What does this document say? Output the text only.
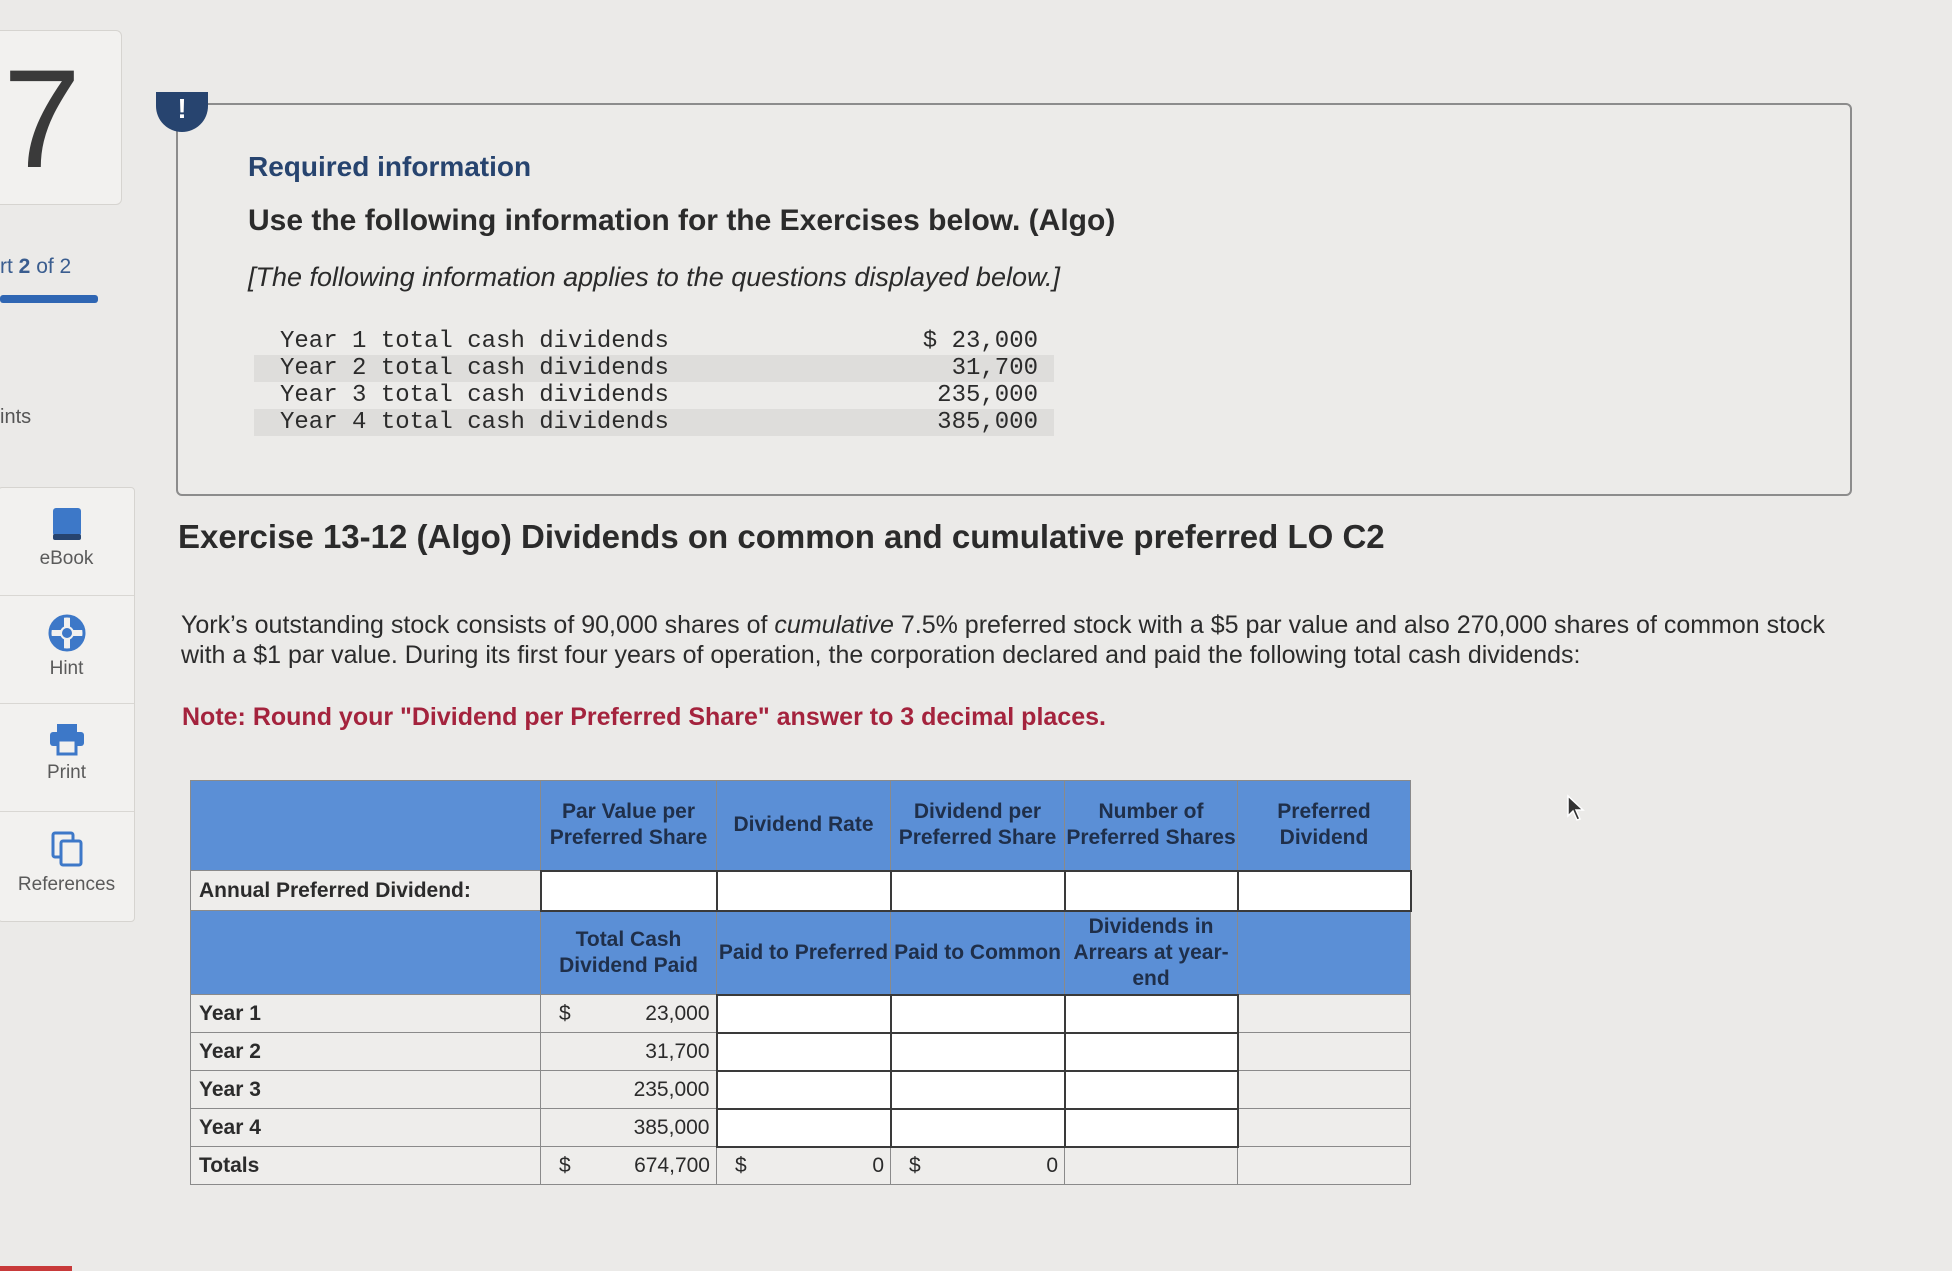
7
rt 2 of 2
ints
eBook
Hint
Print
References
!
Required information
Use the following information for the Exercises below. (Algo)
[The following information applies to the questions displayed below.]
Year 1 total cash dividends	$ 23,000
Year 2 total cash dividends	31,700
Year 3 total cash dividends	235,000
Year 4 total cash dividends	385,000
Exercise 13-12 (Algo) Dividends on common and cumulative preferred LO C2
York’s outstanding stock consists of 90,000 shares of cumulative 7.5% preferred stock with a $5 par value and also 270,000 shares of common stock with a $1 par value. During its first four years of operation, the corporation declared and paid the following total cash dividends:
Note: Round your "Dividend per Preferred Share" answer to 3 decimal places.
	Par Value per Preferred Share	Dividend Rate	Dividend per Preferred Share	Number of Preferred Shares	Preferred Dividend
Annual Preferred Dividend:					
	Total Cash Dividend Paid	Paid to Preferred	Paid to Common	Dividends in Arrears at year-end	
Year 1	$ 23,000				
Year 2	31,700				
Year 3	235,000				
Year 4	385,000				
Totals	$ 674,700	$ 0	$ 0		
